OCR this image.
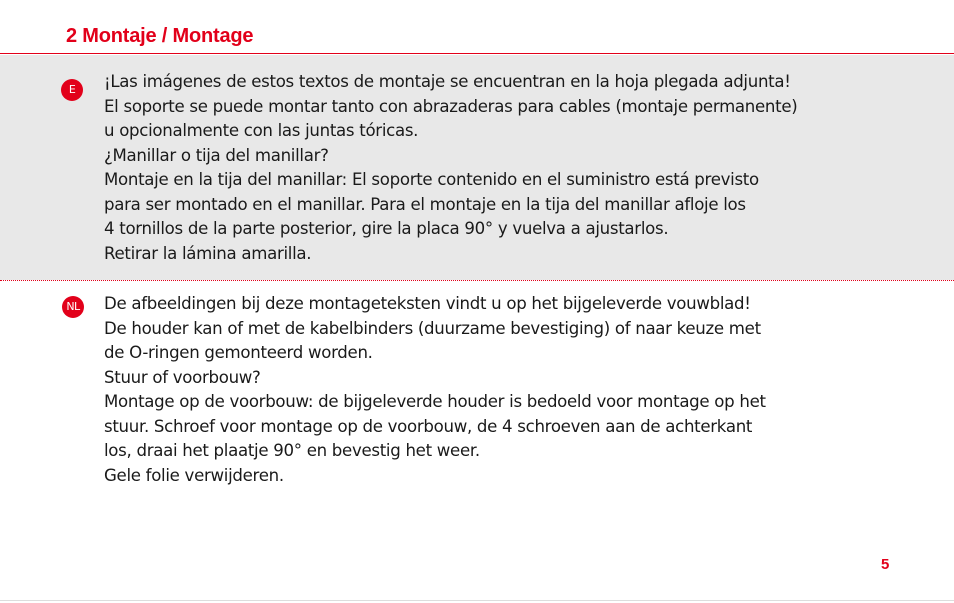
2 Montaje / Montage
E	¡Las imágenes de estos textos de montaje se encuentran en la hoja plegada adjunta!
El soporte se puede montar tanto con abrazaderas para cables (montaje permanente)
u opcionalmente con las juntas tóricas.
¿Manillar o tija del manillar?
Montaje en la tija del manillar: El soporte contenido en el suministro está previsto
para ser montado en el manillar. Para el montaje en la tija del manillar afloje los
4 tornillos de la parte posterior, gire la placa 90° y vuelva a ajustarlos.
Retirar la lámina amarilla.
NL De afbeeldingen bij deze montageteksten vindt u op het bijgeleverde vouwblad!
De houder kan of met de kabelbinders (duurzame bevestiging) of naar keuze met
de O-ringen gemonteerd worden.
Stuur of voorbouw?
Montage op de voorbouw: de bijgeleverde houder is bedoeld voor montage op het
stuur. Schroef voor montage op de voorbouw, de 4 schroeven aan de achterkant
los, draai het plaatje 90° en bevestig het weer.
Gele folie verwijderen.
5
